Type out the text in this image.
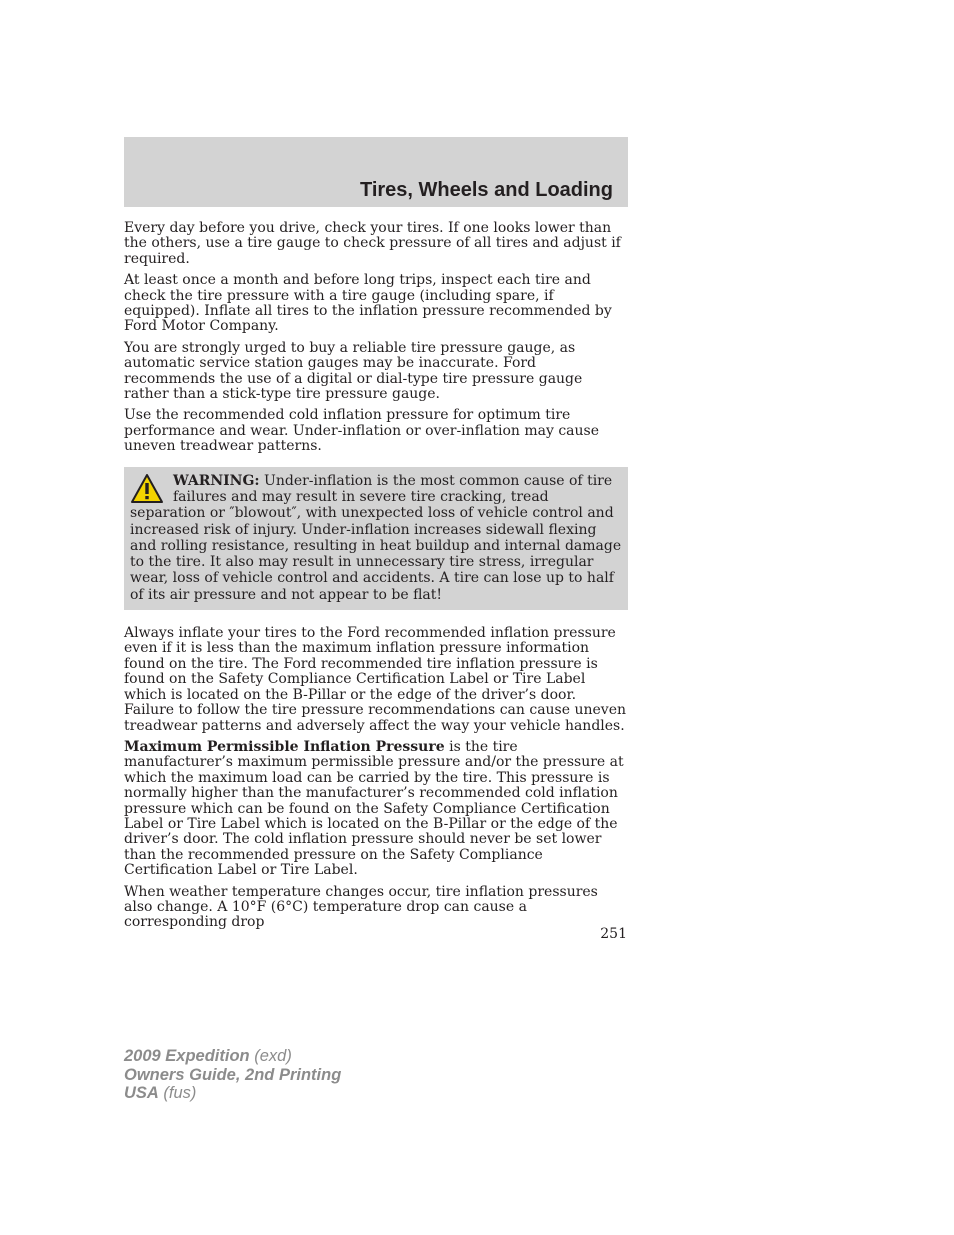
Tires, Wheels and Loading

Every day before you drive, check your tires. If one looks lower than the others, use a tire gauge to check pressure of all tires and adjust if required.

At least once a month and before long trips, inspect each tire and check the tire pressure with a tire gauge (including spare, if equipped). Inflate all tires to the inflation pressure recommended by Ford Motor Company.

You are strongly urged to buy a reliable tire pressure gauge, as automatic service station gauges may be inaccurate. Ford recommends the use of a digital or dial-type tire pressure gauge rather than a stick-type tire pressure gauge.

Use the recommended cold inflation pressure for optimum tire performance and wear. Under-inflation or over-inflation may cause uneven treadwear patterns.

WARNING: Under-inflation is the most common cause of tire failures and may result in severe tire cracking, tread separation or ″blowout″, with unexpected loss of vehicle control and increased risk of injury. Under-inflation increases sidewall flexing and rolling resistance, resulting in heat buildup and internal damage to the tire. It also may result in unnecessary tire stress, irregular wear, loss of vehicle control and accidents. A tire can lose up to half of its air pressure and not appear to be flat!

Always inflate your tires to the Ford recommended inflation pressure even if it is less than the maximum inflation pressure information found on the tire. The Ford recommended tire inflation pressure is found on the Safety Compliance Certification Label or Tire Label which is located on the B-Pillar or the edge of the driver’s door. Failure to follow the tire pressure recommendations can cause uneven treadwear patterns and adversely affect the way your vehicle handles.

Maximum Permissible Inflation Pressure is the tire manufacturer’s maximum permissible pressure and/or the pressure at which the maximum load can be carried by the tire. This pressure is normally higher than the manufacturer’s recommended cold inflation pressure which can be found on the Safety Compliance Certification Label or Tire Label which is located on the B-Pillar or the edge of the driver’s door. The cold inflation pressure should never be set lower than the recommended pressure on the Safety Compliance Certification Label or Tire Label.

When weather temperature changes occur, tire inflation pressures also change. A 10°F (6°C) temperature drop can cause a corresponding drop

251
2009 Expedition (exd)
Owners Guide, 2nd Printing
USA (fus)
